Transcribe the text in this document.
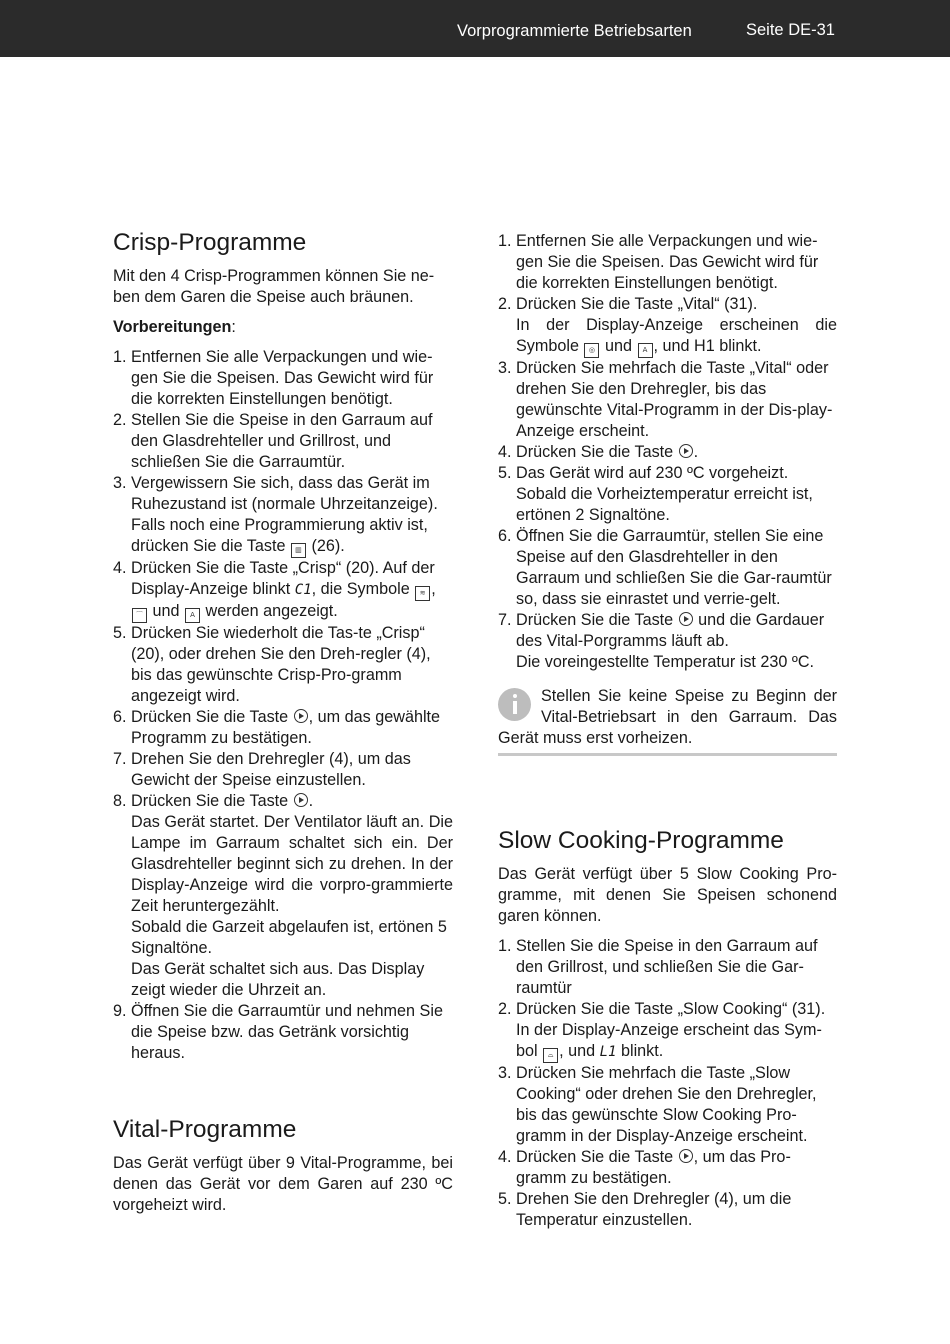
Vorprogrammierte Betriebsarten	Seite DE-31
Crisp-Programme

Mit den 4 Crisp-Programmen können Sie ne-ben dem Garen die Speise auch bräunen.

Vorbereitungen:

1. Entfernen Sie alle Verpackungen und wie-gen Sie die Speisen. Das Gewicht wird für die korrekten Einstellungen benötigt.
2. Stellen Sie die Speise in den Garraum auf den Glasdrehteller und Grillrost, und schließen Sie die Garraumtür.
3. Vergewissern Sie sich, dass das Gerät im Ruhezustand ist (normale Uhrzeitanzeige). Falls noch eine Programmierung aktiv ist, drücken Sie die Taste ▥ (26).
4. Drücken Sie die Taste „Crisp“ (20). Auf der Display-Anzeige blinkt C1, die Symbole ≋ , ⌒ und A werden angezeigt.
5. Drücken Sie wiederholt die Tas-te „Crisp“ (20), oder drehen Sie den Dreh-regler (4), bis das gewünschte Crisp-Pro-gramm angezeigt wird.
6. Drücken Sie die Taste , um das gewählte Programm zu bestätigen.
7. Drehen Sie den Drehregler (4), um das Gewicht der Speise einzustellen.
8. Drücken Sie die Taste .
Das Gerät startet. Der Ventilator läuft an. Die Lampe im Garraum schaltet sich ein. Der Glasdrehteller beginnt sich zu drehen. In der Display-Anzeige wird die vorpro-grammierte Zeit heruntergezählt.
Sobald die Garzeit abgelaufen ist, ertönen 5 Signaltöne.
Das Gerät schaltet sich aus. Das Display zeigt wieder die Uhrzeit an.
9. Öffnen Sie die Garraumtür und nehmen Sie die Speise bzw. das Getränk vorsichtig heraus.
Vital-Programme

Das Gerät verfügt über 9 Vital-Programme, bei denen das Gerät vor dem Garen auf 230 ºC vorgeheizt wird.

1. Entfernen Sie alle Verpackungen und wie-gen Sie die Speisen. Das Gewicht wird für die korrekten Einstellungen benötigt.
2. Drücken Sie die Taste „Vital“ (31).
In der Display-Anzeige erscheinen die Symbole ◎ und A , und H1 blinkt.
3. Drücken Sie mehrfach die Taste „Vital“ oder drehen Sie den Drehregler, bis das gewünschte Vital-Programm in der Dis-play-Anzeige erscheint.
4. Drücken Sie die Taste .
5. Das Gerät wird auf 230 ºC vorgeheizt.
Sobald die Vorheiztemperatur erreicht ist, ertönen 2 Signaltöne.
6. Öffnen Sie die Garraumtür, stellen Sie eine Speise auf den Glasdrehteller in den Garraum und schließen Sie die Gar-raumtür so, dass sie einrastet und verrie-gelt.
7. Drücken Sie die Taste und die Gardauer des Vital-Porgramms läuft ab.
Die voreingestellte Temperatur ist 230 ºC.
Stellen Sie keine Speise zu Beginn der Vital-Betriebsart in den Garraum. Das Gerät muss erst vorheizen.
Slow Cooking-Programme

Das Gerät verfügt über 5 Slow Cooking Pro-gramme, mit denen Sie Speisen schonend garen können.

1. Stellen Sie die Speise in den Garraum auf den Grillrost, und schließen Sie die Gar-raumtür
2. Drücken Sie die Taste „Slow Cooking“ (31).
In der Display-Anzeige erscheint das Sym-bol ⌓ , und L1 blinkt.
3. Drücken Sie mehrfach die Taste „Slow Cooking“ oder drehen Sie den Drehregler, bis das gewünschte Slow Cooking Pro-gramm in der Display-Anzeige erscheint.
4. Drücken Sie die Taste , um das Pro-gramm zu bestätigen.
5. Drehen Sie den Drehregler (4), um die Temperatur einzustellen.
